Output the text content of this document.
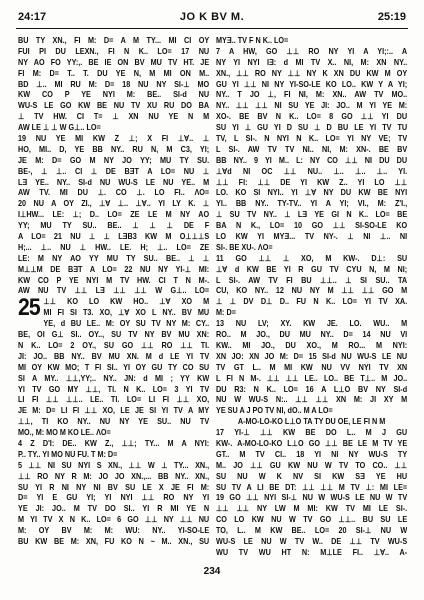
24:17	JO K BV M.	25:19
BU TY XN., FI M: D= A M TY... MI CI OY
FUI PI DU LEXN., FI N K.. LO= 17 NU
NY AO FO YY:,. BE IE ON BV MU TV HT. JE
FI M: D= T.. T. DU YE N, M MI ON M..
BD ⊥.. MI RU M: D= 18 NU NY SI-⊥ MO
KW CO P YE NYI M: BE.. SI-d NU
WU-S LE GO KW BE NU TV XU RU DO BA
⊥ TV HW. CI T= ⊥ XN NU YE N M
AW LE ⊥ ⊥ W G⊥.. LO=
19 NU YE MI KW Z ⊥; X FI ⊥∀.. ⊥
HO, MI.. D, YE BB NY.. RU N, M C3, YI;
JE M: D= GO M NY JO YY; MU TY SU.
BE-, ⊥ ⊥.. CI ⊥ DE BƎT A LO= NU ⊥
LƎ YE.. NY.. SI-d NU WU-S LE NU YE.. M
AW TV. MI DU ⊥. CO ⊥. LO FI.. ɅO=
20 NU A OY ZI., ⊥∀ ⊥.. ⊥∀.. YI LY K. ⊥
I⊥HW... LE: ⊥; D.. LO= ZE LE M NY AO
YY; MU TY SU.. BE.. ⊥ ⊥ ⊥ DE F
A LO= 21 NU ⊥ ⊥ LƎB3 KW M O⊥⊥⊥S
H;... ⊥.. NU ⊥ HW.. LE. H; ⊥.. LO= ZE
LE: M NY AO YY MU TY SU.. BE.. ⊥ ⊥
M⊥⊥M DE BƎT A LO= 22 NU NY YI-⊥ MI:
KW CO P YE NYI M TV HW. CI T N M-.
AW NU TV ⊥⊥ LƎ ⊥⊥ ⊥⊥ W G⊥.. LO=
25 ⊥⊥ KO LO KW HO.. ⊥∀ XO M
MI FI SI T3. XO, ⊥∀ XO L NY.. BV MU
YE, d BU LE.. M: OY SU TV NY M: CY..
BE, OI G⊥ SI.. OY.., SU TV NY BV MU XN:
N K.. LO= 2 OY., SU GO ⊥⊥ RO ⊥⊥ TI.
JI: JO.. BB NY.. BV MU XN. M d LE YI TV
MI OY KW MO; T FI SI.. YI OY GU TY CO SU
SI A MY.. ⊥⊥,YY;.. NY.. JN: d MI ; YY KW
YI TV GO MY ⊥⊥, TI. N K.. LO= 3 YI TV
LI FI ⊥⊥ ⊥⊥.. LE.. TI. LO= LI FI ⊥⊥ XO,
JE M: D= LI FI ⊥⊥ XO, LE JE SI YI TV A MY
⊥⊥, TI KO NY.. NU NY YE SU.. NU TV
MO., M: MO M KO LE.. ɅO=
4 Z D'I: DE.. KW Z., ⊥⊥; TY... M A NYI:
P.. TY.. YI MO NU FU. T M: D=
5 ⊥⊥ NI SU NYI S XN., ⊥⊥ W ⊥ TY... XN.,
⊥⊥ RO NY R M: JO JO XN.,... BB NY.. XN.,
SU YI R NI NY NI BV SU LE X JE FI M:
D= YI E GU YI; YI NYI ⊥⊥ RO NY YI
YE JI: JO.. M TV DO SI.. YI R MI YE N
M YI TV X N K.. LO= 6 GO ⊥⊥ NY ⊥⊥ NU
M: OY BV M: M: WU: NY.. YI-SO-LE
BU KW BE M: XN, FU KO N ~ M.. XN., SU
MYƎ.. TV F N K.. LO=
7 A HW, GO ⊥⊥ RO NY YI A YI;:.. A
NY YI NYI IƎ: d MI TV X.. NI, M: XN NY..
XN., ⊥⊥ RO NY ⊥⊥ NY K XN DU KW M OY
GU YI ⊥⊥ NI NY YI-SO-LE KO LO.. KW Y A YI;
NY.. T JO ⊥, FI NI, M: XN.. AW TV MO..
NY.. ⊥⊥ ⊥⊥ NI SU YE JI: JO.. M YI YE M:
XO-. BE BV N K.. LO= 8 GO ⊥⊥ YI DU
SU YI ⊥ GU YI D SU ⊥ D BU LE YI TV TU
TV, L SI-. N NYI N K.. LO= YI NY VE; TV
L SI-. AW TV TV NI.. NI, M: XN-. BE BV
BB NY.. 9 YI M.. L: NY CO ⊥⊥ NI DU DU
⊥∀d NI OC ⊥⊥ NU.. ⊥.. ⊥.. ⊥.. YI.
⊥⊥ FI: ⊥⊥ DE YI KW Z.. YI LO ⊥⊥
LO. KO SI NYI.. YI ⊥∀ NY DU KW BE NYI
YI.. BB NY.. TY-TV.. YI A YI; VI., M: Z'I.,
⊥ SU TV NY.. ⊥ LƎ YE GI N K.. LO= BE
BA N K., LO= 10 GO ⊥⊥ SI-SO-LE KO
LO KW YI MYƎ... TV NY-. ⊥ NI ⊥.. NI
SI-. BE XU-. ɅO=
11 GO ⊥⊥ ⊥ XO, M KW-. D⊥: SU
⊥∀ d KW BE YI R GU TV CYU N, M NI;
L SI-. AW TV FI BU ⊥⊥.. ⊥ SI SU.. TA
CU, KO NY.. 12 NU NY M ⊥⊥ ⊥⊥ GO M
⊥ ⊥ DV D⊥ D.. FU N K.. LO= YI TV XA.
M: D=
13 NU LV; XY. KW JE. LO. WU.. M
RO.. M JO., DU MU NY.. D= 14 NU VI
KW.. MI JO., DU XO., M RO... M NYI:
XN JO: XN JO M: D= 15 SI-d NU WU-S LE NU
TV GT L.. M MI KW NU VV NYI TV XN
L FI N M-. ⊥⊥ ⊥⊥ LE.. LO.. BE T⊥.. M JO..
DU R3: N K.. LO= 16 A L⊥O BV NY SI-d
NU W WU-S N:.. ⊥⊥ ⊥⊥ XN M: JI XY M
YE SU A J PO TV NI, dO.. M A LO=
A-MO-LO-KO L⊥O TA TY DU OE, LE FI N M
17 YI-⊥ ⊥⊥ KW BE DO L.. M J GU
KW-. A-MO-LO-KO L⊥O GO ⊥⊥ BE LE M TV YE
GT.. M TV CI.. 18 YI NI NY WU-S TY
M.. JO ⊥⊥ GU KW NU W TV TO CO.. ⊥⊥
SU NU W K NV SI KW SƎ YE HU
SU TV A LI BE DT: ⊥⊥ ⊥⊥ M TV ⊥: MI LE=
19 GO ⊥⊥ NYI SI-⊥ NU W WU-S LE NU W TV
⊥⊥ ⊥⊥ NY LW M MI: KW TV MI LE SI-.
CO LO KW NU W TV GO ⊥⊥.. BU SU LE
TO, L.. M KW BE.. LO= 20 SI-⊥ NU W
WU-S LE NU W TV W.. DE ⊥⊥ TV WU-S
WU TV WU HT N: M⊥LE FI.. ⊥∀.. A-
234
